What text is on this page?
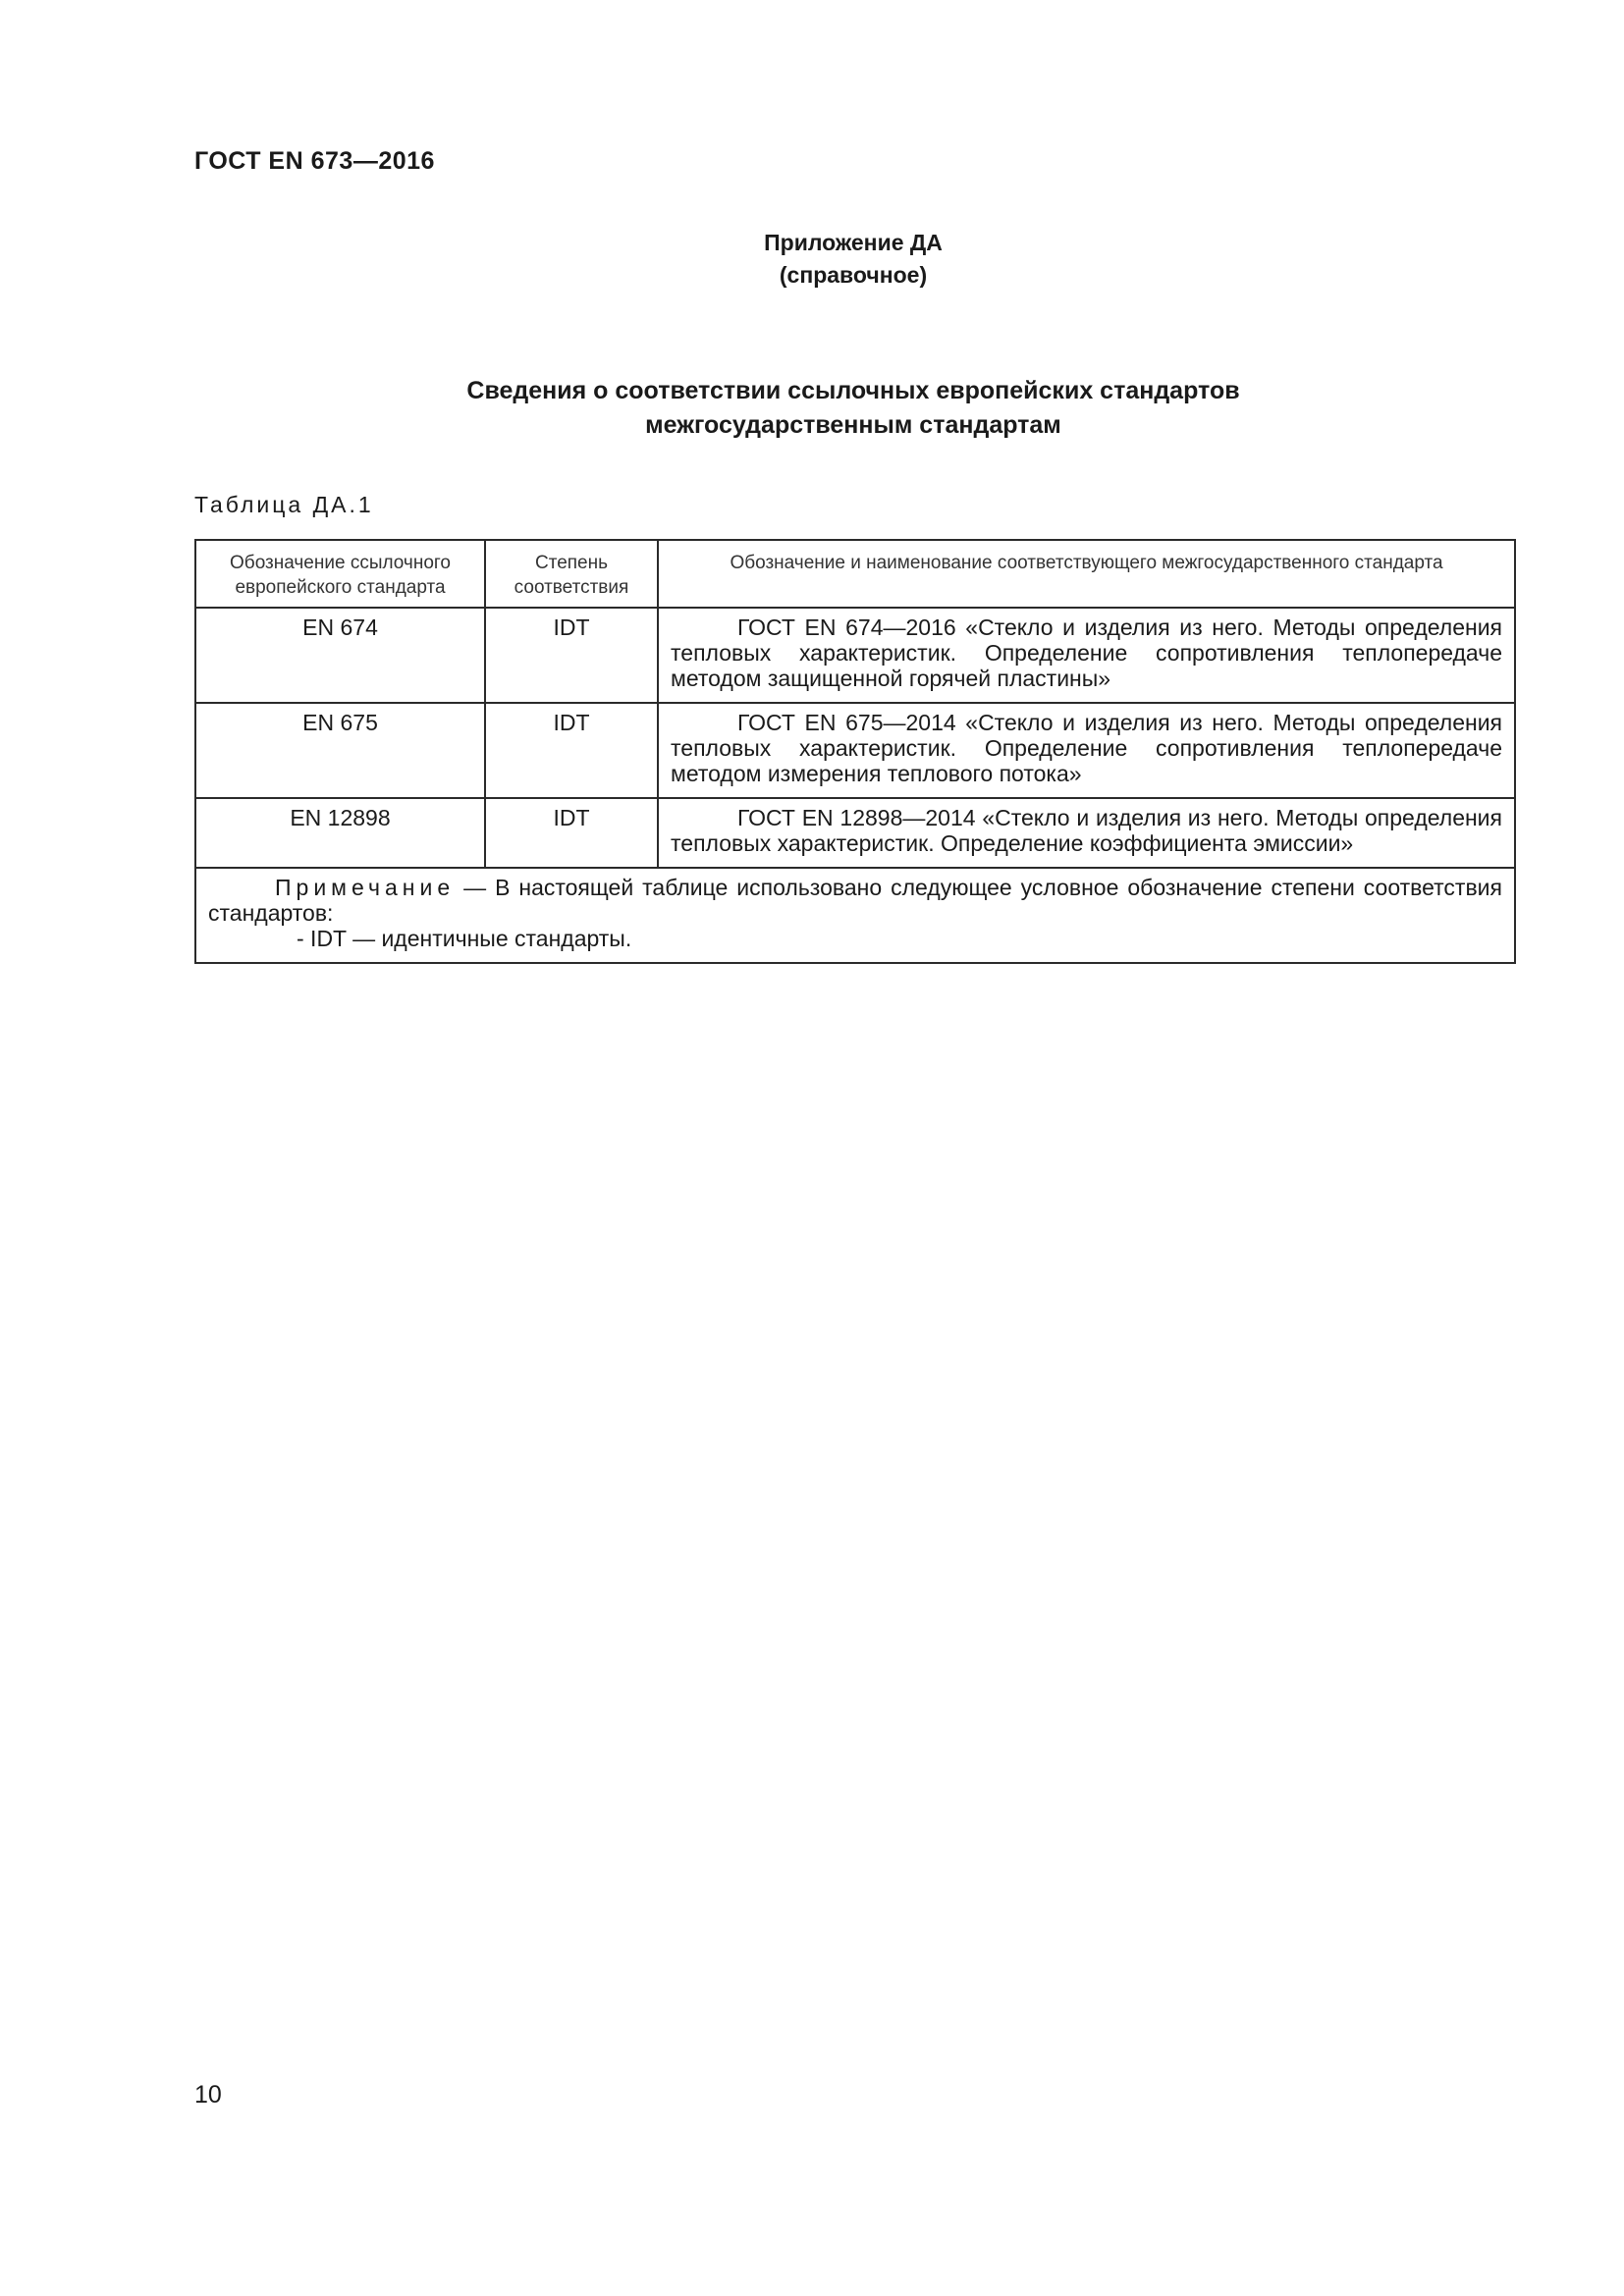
ГОСТ EN 673—2016
Приложение ДА
(справочное)
Сведения о соответствии ссылочных европейских стандартов
межгосударственным стандартам
Таблица ДА.1
Обозначение ссылочного европейского стандарта	Степень соответствия	Обозначение и наименование соответствующего межгосударственного стандарта
EN 674	IDT	ГОСТ EN 674—2016 «Стекло и изделия из него. Методы определения тепловых характеристик. Определение сопротивления теплопередаче методом защищенной горячей пластины»
EN 675	IDT	ГОСТ EN 675—2014 «Стекло и изделия из него. Методы определения тепловых характеристик. Определение сопротивления теплопередаче методом измерения теплового потока»
EN 12898	IDT	ГОСТ EN 12898—2014 «Стекло и изделия из него. Методы определения тепловых характеристик. Определение коэффициента эмиссии»

Примечание — В настоящей таблице использовано следующее условное обозначение степени соответствия стандартов:
- IDT — идентичные стандарты.		
10
